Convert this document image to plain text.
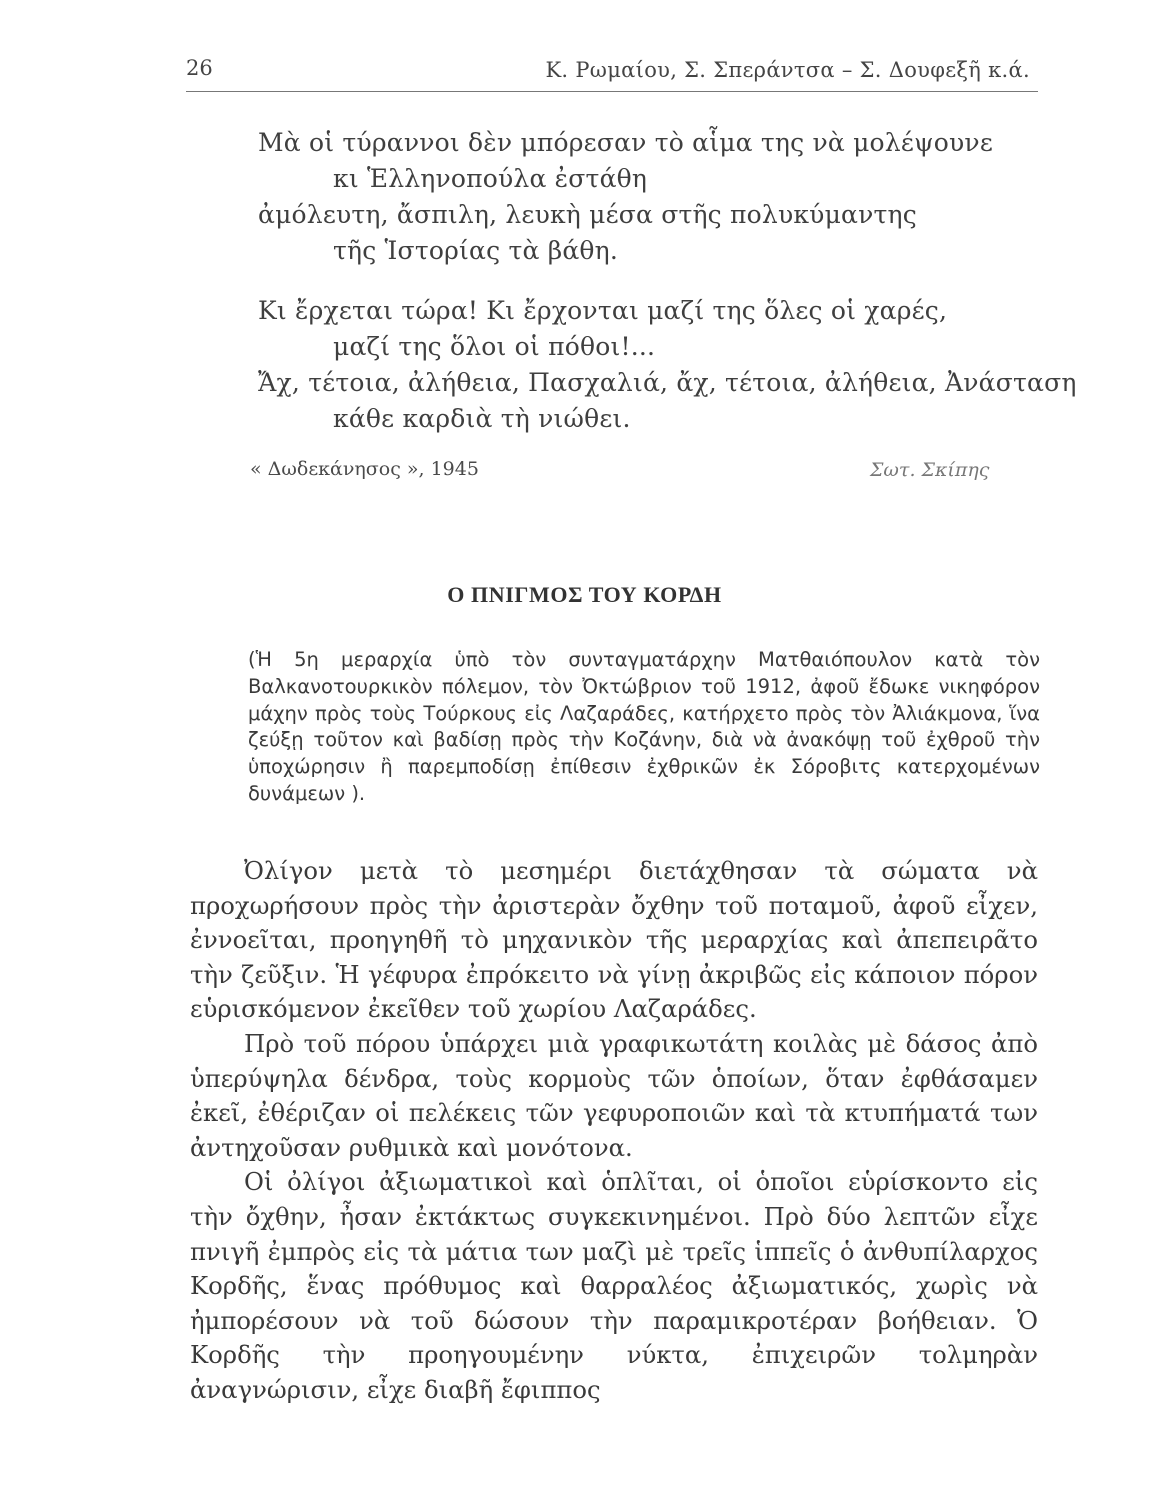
26	Κ. Ρωμαίου, Σ. Σπεράντσα – Σ. Δουφεξῆ κ.ά.
Μὰ οἱ τύραννοι δὲν μπόρεσαν τὸ αἷμα της νὰ μολέψουνε
κι Ἑλληνοπούλα ἐστάθη
ἀμόλευτη, ἄσπιλη, λευκὴ μέσα στῆς πολυκύμαντης
τῆς Ἱστορίας τὰ βάθη.
Κι ἔρχεται τώρα! Κι ἔρχονται μαζί της ὅλες οἱ χαρές,
μαζί της ὅλοι οἱ πόθοι!...
Ἄχ, τέτοια, ἀλήθεια, Πασχαλιά, ἄχ, τέτοια, ἀλήθεια, Ἀνάσταση
κάθε καρδιὰ τὴ νιώθει.
« Δωδεκάνησος », 1945	Σωτ. Σκίπης
Ο ΠΝΙΓΜΟΣ ΤΟΥ ΚΟΡΔΗ
(Ἡ 5η μεραρχία ὑπὸ τὸν συνταγματάρχην Ματθαιόπουλον κατὰ τὸν Βαλκανοτουρκικὸν πόλεμον, τὸν Ὀκτώβριον τοῦ 1912, ἀφοῦ ἔδωκε νικηφόρον μάχην πρὸς τοὺς Τούρκους εἰς Λαζαράδες, κατήρχετο πρὸς τὸν Ἀλιάκμονα, ἵνα ζεύξῃ τοῦτον καὶ βαδίσῃ πρὸς τὴν Κοζάνην, διὰ νὰ ἀνακόψῃ τοῦ ἐχθροῦ τὴν ὑποχώρησιν ἢ παρεμποδίσῃ ἐπίθεσιν ἐχθρικῶν ἐκ Σόροβιτς κατερχομένων δυνάμεων ).

Ὀλίγον μετὰ τὸ μεσημέρι διετάχθησαν τὰ σώματα νὰ προχωρήσουν πρὸς τὴν ἀριστερὰν ὄχθην τοῦ ποταμοῦ, ἀφοῦ εἶχεν, ἐννοεῖται, προηγηθῆ τὸ μηχανικὸν τῆς μεραρχίας καὶ ἀπεπειρᾶτο τὴν ζεῦξιν. Ἡ γέφυρα ἐπρόκειτο νὰ γίνῃ ἀκριβῶς εἰς κάποιον πόρον εὑρισκόμενον ἐκεῖθεν τοῦ χωρίου Λαζαράδες.

Πρὸ τοῦ πόρου ὑπάρχει μιὰ γραφικωτάτη κοιλὰς μὲ δάσος ἀπὸ ὑπερύψηλα δένδρα, τοὺς κορμοὺς τῶν ὁποίων, ὅταν ἐφθάσαμεν ἐκεῖ, ἐθέριζαν οἱ πελέκεις τῶν γεφυροποιῶν καὶ τὰ κτυπήματά των ἀντηχοῦσαν ρυθμικὰ καὶ μονότονα.

Οἱ ὀλίγοι ἀξιωματικοὶ καὶ ὁπλῖται, οἱ ὁποῖοι εὑρίσκοντο εἰς τὴν ὄχθην, ἦσαν ἐκτάκτως συγκεκινημένοι. Πρὸ δύο λεπτῶν εἶχε πνιγῆ ἐμπρὸς εἰς τὰ μάτια των μαζὶ μὲ τρεῖς ἱππεῖς ὁ ἀνθυπίλαρχος Κορδῆς, ἕνας πρόθυμος καὶ θαρραλέος ἀξιωματικός, χωρὶς νὰ ἠμπορέσουν νὰ τοῦ δώσουν τὴν παραμικροτέραν βοήθειαν. Ὁ Κορδῆς τὴν προηγουμένην νύκτα, ἐπιχειρῶν τολμηρὰν ἀναγνώρισιν, εἶχε διαβῆ ἔφιππος
